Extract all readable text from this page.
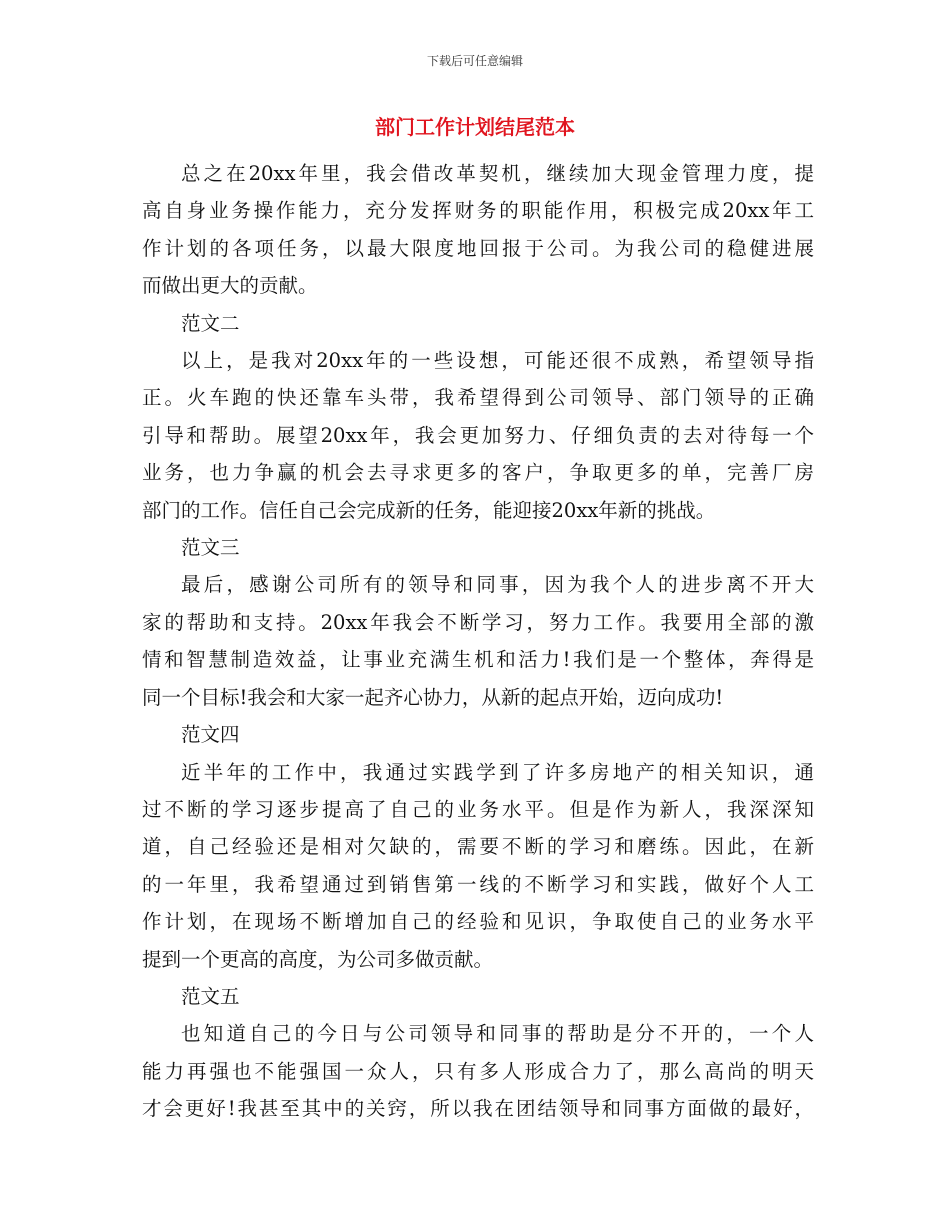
下载后可任意编辑
部门工作计划结尾范本

总之在20xx年里，我会借改革契机，继续加大现金管理力度，提
高自身业务操作能力，充分发挥财务的职能作用，积极完成20xx年工
作计划的各项任务，以最大限度地回报于公司。为我公司的稳健进展
而做出更大的贡献。

范文二

以上，是我对20xx年的一些设想，可能还很不成熟，希望领导指
正。火车跑的快还靠车头带，我希望得到公司领导、部门领导的正确
引导和帮助。展望20xx年，我会更加努力、仔细负责的去对待每一个
业务，也力争赢的机会去寻求更多的客户，争取更多的单，完善厂房
部门的工作。信任自己会完成新的任务，能迎接20xx年新的挑战。

范文三

最后，感谢公司所有的领导和同事，因为我个人的进步离不开大
家的帮助和支持。20xx年我会不断学习，努力工作。我要用全部的激
情和智慧制造效益，让事业充满生机和活力!我们是一个整体，奔得是
同一个目标!我会和大家一起齐心协力，从新的起点开始，迈向成功!

范文四

近半年的工作中，我通过实践学到了许多房地产的相关知识，通
过不断的学习逐步提高了自己的业务水平。但是作为新人，我深深知
道，自己经验还是相对欠缺的，需要不断的学习和磨练。因此，在新
的一年里，我希望通过到销售第一线的不断学习和实践，做好个人工
作计划，在现场不断增加自己的经验和见识，争取使自己的业务水平
提到一个更高的高度，为公司多做贡献。

范文五

也知道自己的今日与公司领导和同事的帮助是分不开的，一个人
能力再强也不能强国一众人，只有多人形成合力了，那么高尚的明天
才会更好!我甚至其中的关窍，所以我在团结领导和同事方面做的最好，
